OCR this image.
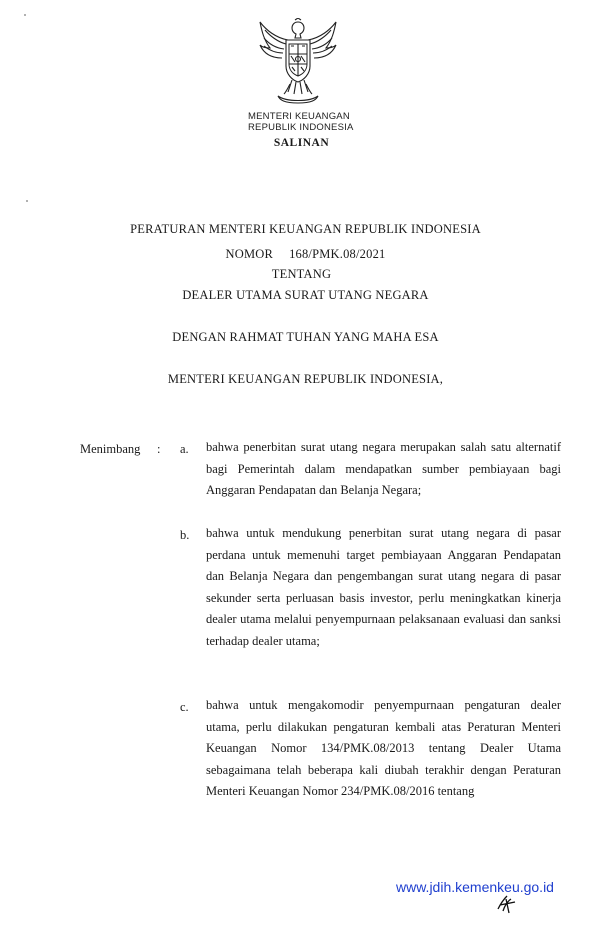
MENTERI KEUANGAN
REPUBLIK INDONESIA
SALINAN
PERATURAN MENTERI KEUANGAN REPUBLIK INDONESIA
NOMOR 168/PMK.08/2021
TENTANG
DEALER UTAMA SURAT UTANG NEGARA
DENGAN RAHMAT TUHAN YANG MAHA ESA
MENTERI KEUANGAN REPUBLIK INDONESIA,
Menimbang : a. bahwa penerbitan surat utang negara merupakan salah satu alternatif bagi Pemerintah dalam mendapatkan sumber pembiayaan bagi Anggaran Pendapatan dan Belanja Negara;
b. bahwa untuk mendukung penerbitan surat utang negara di pasar perdana untuk memenuhi target pembiayaan Anggaran Pendapatan dan Belanja Negara dan pengembangan surat utang negara di pasar sekunder serta perluasan basis investor, perlu meningkatkan kinerja dealer utama melalui penyempurnaan pelaksanaan evaluasi dan sanksi terhadap dealer utama;
c. bahwa untuk mengakomodir penyempurnaan pengaturan dealer utama, perlu dilakukan pengaturan kembali atas Peraturan Menteri Keuangan Nomor 134/PMK.08/2013 tentang Dealer Utama sebagaimana telah beberapa kali diubah terakhir dengan Peraturan Menteri Keuangan Nomor 234/PMK.08/2016 tentang
www.jdih.kemenkeu.go.id
